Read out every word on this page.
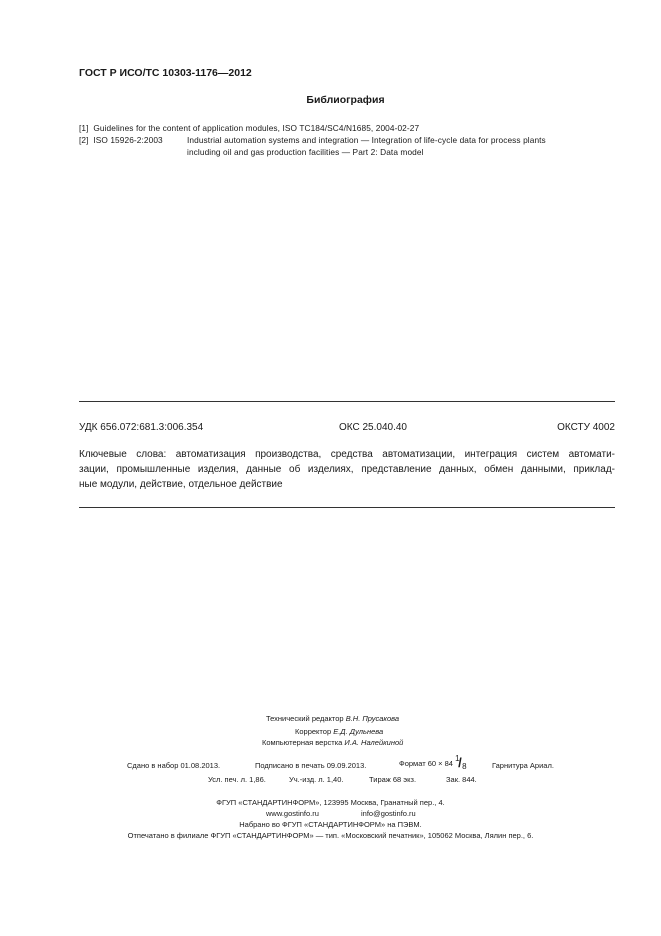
ГОСТ Р ИСО/ТС 10303-1176—2012
Библиография
[1] Guidelines for the content of application modules, ISO TC184/SC4/N1685, 2004-02-27
[2] ISO 15926-2:2003	Industrial automation systems and integration — Integration of life-cycle data for process plants
including oil and gas production facilities — Part 2: Data model
УДК 656.072:681.3:006.354	ОКС 25.040.40	ОКСТУ 4002
Ключевые слова: автоматизация производства, средства автоматизации, интеграция систем автомати-
зации, промышленные изделия, данные об изделиях, представление данных, обмен данными, приклад-
ные модули, действие, отдельное действие
Технический редактор В.Н. Прусакова
Корректор Е.Д. Дульнева
Компьютерная верстка И.А. Налейкиной
Сдано в набор 01.08.2013.	Подписано в печать 09.09.2013.	Формат 60 × 84
1
/ 8	Гарнитура Ариал.
Усл. печ. л. 1,86.	Уч.-изд. л. 1,40.	Тираж 68 экз.	Зак. 844.
ФГУП «СТАНДАРТИНФОРМ», 123995 Москва, Гранатный пер., 4.
www.gostinfo.ru	info@gostinfo.ru
Набрано во ФГУП «СТАНДАРТИНФОРМ» на ПЭВМ.
Отпечатано в филиале ФГУП «СТАНДАРТИНФОРМ» — тип. «Московский печатник», 105062 Москва, Лялин пер., 6.
